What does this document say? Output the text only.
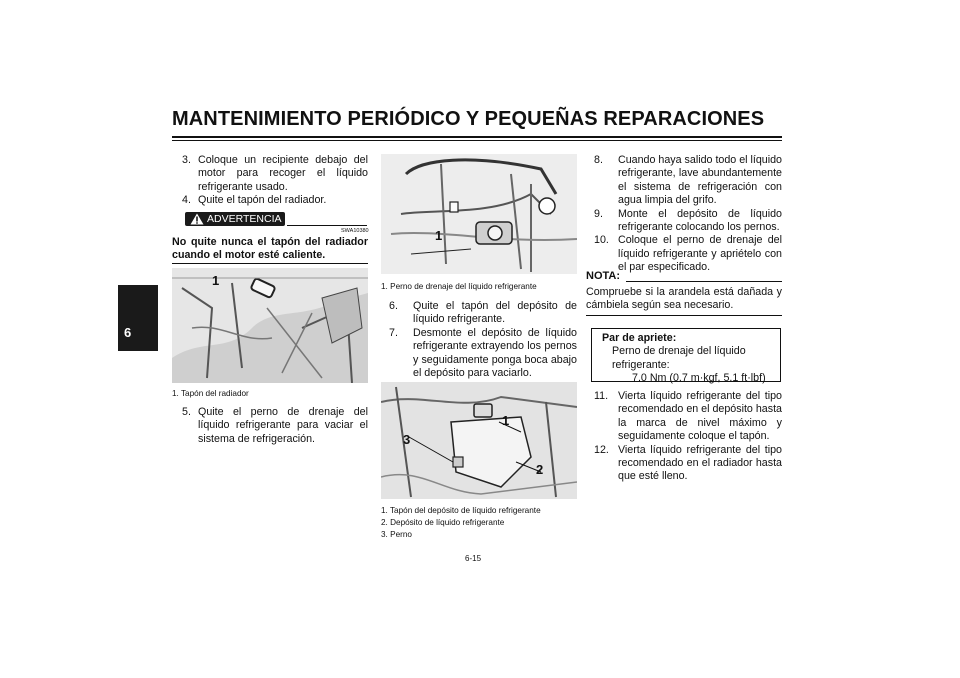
MANTENIMIENTO PERIÓDICO Y PEQUEÑAS REPARACIONES
6
3. Coloque un recipiente debajo del motor para recoger el líquido refrigerante usado.
4. Quite el tapón del radiador.
ADVERTENCIA
SWA10380
No quite nunca el tapón del radiador cuando el motor esté caliente.
1
1. Tapón del radiador
5. Quite el perno de drenaje del líquido refrigerante para vaciar el sistema de refrigeración.
1
1. Perno de drenaje del líquido refrigerante
6. Quite el tapón del depósito de líquido refrigerante.
7. Desmonte el depósito de líquido refrigerante extrayendo los pernos y seguidamente ponga boca abajo el depósito para vaciarlo.
1
2
3
1. Tapón del depósito de líquido refrigerante
2. Depósito de líquido refrigerante
3. Perno
8. Cuando haya salido todo el líquido refrigerante, lave abundantemente el sistema de refrigeración con agua limpia del grifo.
9. Monte el depósito de líquido refrigerante colocando los pernos.
10. Coloque el perno de drenaje del líquido refrigerante y apriételo con el par especificado.
NOTA:
Compruebe si la arandela está dañada y cámbiela según sea necesario.
Par de apriete:
Perno de drenaje del líquido refrigerante:
7.0 Nm (0.7 m·kgf, 5.1 ft·lbf)
11. Vierta líquido refrigerante del tipo recomendado en el depósito hasta la marca de nivel máximo y seguidamente coloque el tapón.
12. Vierta líquido refrigerante del tipo recomendado en el radiador hasta que esté lleno.
6-15
